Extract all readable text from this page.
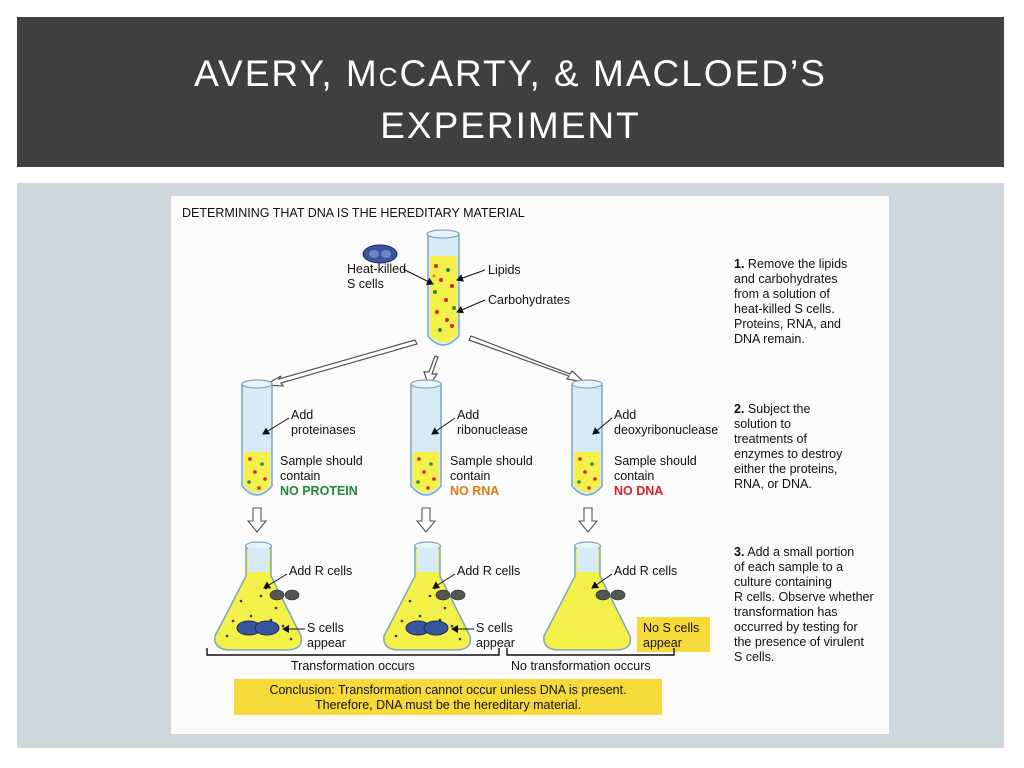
AVERY, MCCARTY, & MACLOED’S
EXPERIMENT
DETERMINING THAT DNA IS THE HEREDITARY MATERIAL
Heat-killed
S cells
Lipids
Carbohydrates
1. Remove the lipids
and carbohydrates
from a solution of
heat-killed S cells.
Proteins, RNA, and
DNA remain.
Add
proteinases
Sample should
contain
NO PROTEIN
Add
ribonuclease
Sample should
contain
NO RNA
Add
deoxyribonuclease
Sample should
contain
NO DNA
2. Subject the
solution to
treatments of
enzymes to destroy
either the proteins,
RNA, or DNA.
Add R cells	Add R cells	Add R cells
S cells
appear
S cells
appear
No S cells
appear
Transformation occurs	No transformation occurs
3. Add a small portion
of each sample to a
culture containing
R cells. Observe whether
transformation has
occurred by testing for
the presence of virulent
S cells.
Conclusion: Transformation cannot occur unless DNA is present.
Therefore, DNA must be the hereditary material.
